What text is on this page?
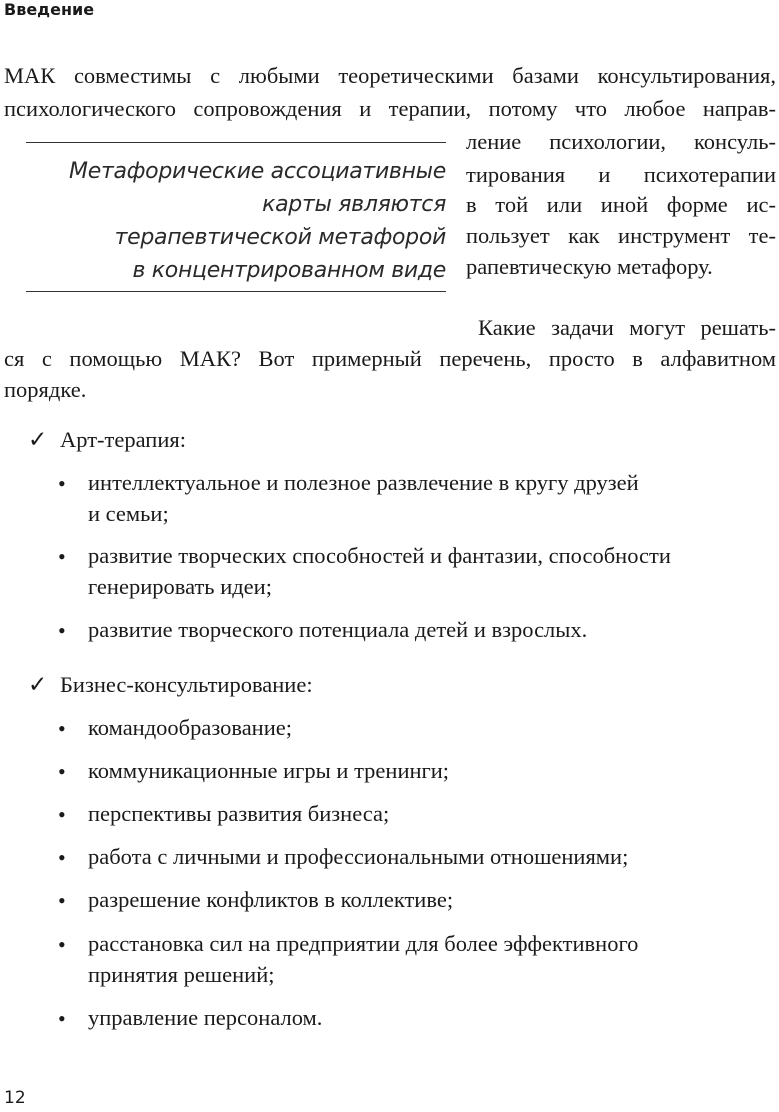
Введение
МАК совместимы с любыми теоретическими базами консультирования,
психологического сопровождения и терапии, потому что любое направ-
ление психологии, консуль-
тирования и психотерапии
в той или иной форме ис-
пользует как инструмент те-
рапевтическую метафору.
Метафорические ассоциативные
карты являются
терапевтической метафорой
в концентрированном виде
Какие задачи могут решать-
ся с помощью МАК? Вот примерный перечень, просто в алфавитном
порядке.
✓ Арт-терапия:
• интеллектуальное и полезное развлечение в кругу друзей
и семьи;
• развитие творческих способностей и фантазии, способности
генерировать идеи;
• развитие творческого потенциала детей и взрослых.
✓ Бизнес-консультирование:
• командообразование;
• коммуникационные игры и тренинги;
• перспективы развития бизнеса;
• работа с личными и профессиональными отношениями;
• разрешение конфликтов в коллективе;
• расстановка сил на предприятии для более эффективного
принятия решений;
• управление персоналом.
12
